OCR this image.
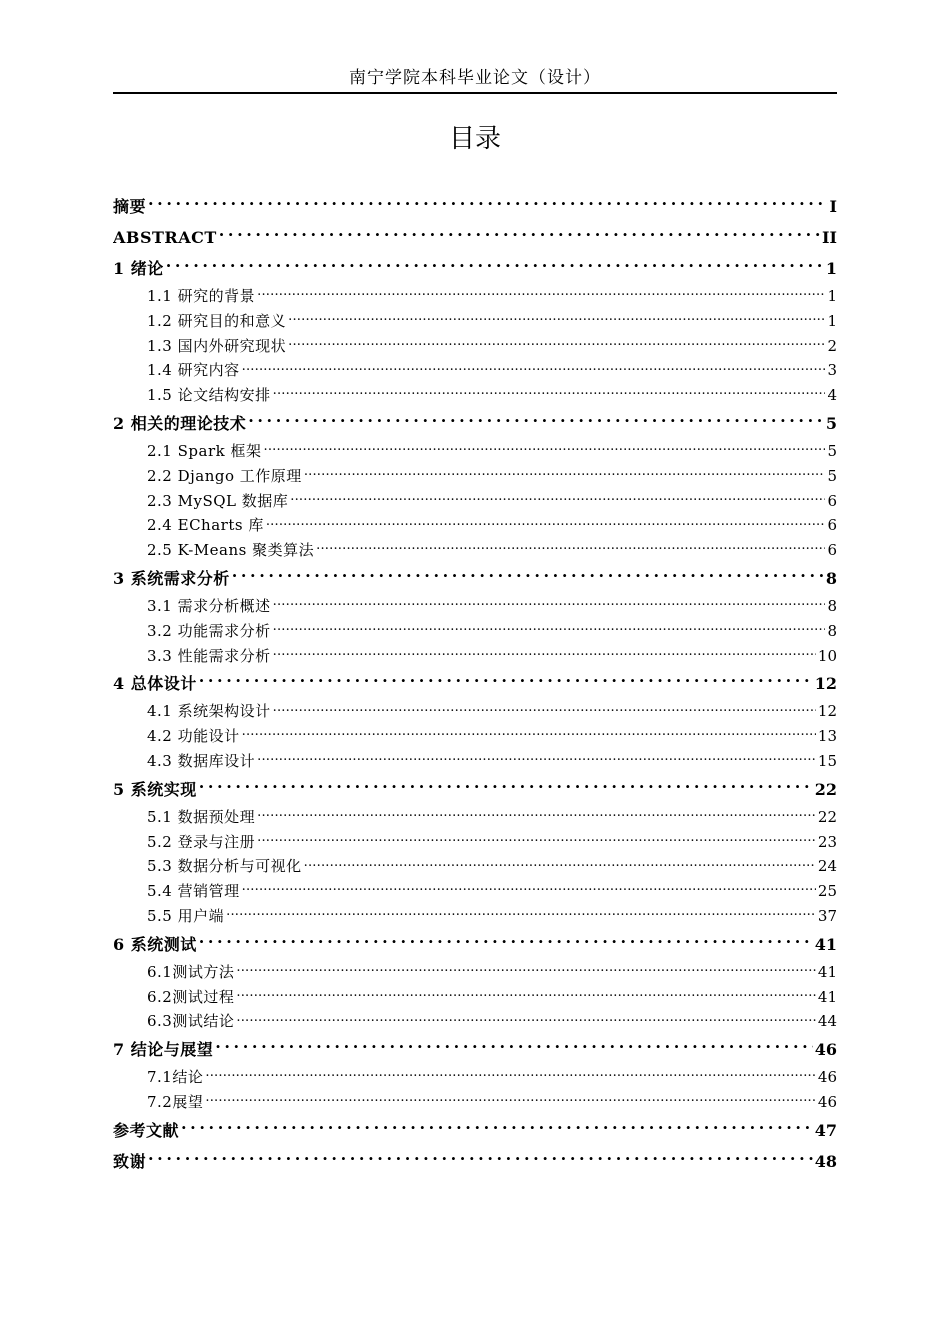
南宁学院本科毕业论文（设计）
目录
摘要 .....	I
ABSTRACT .....	II
1 绪论 .....	1
1.1 研究的背景 .....	1
1.2 研究目的和意义 .....	1
1.3 国内外研究现状 .....	2
1.4 研究内容 .....	3
1.5 论文结构安排 .....	4
2 相关的理论技术 .....	5
2.1 Spark 框架 .....	5
2.2 Django 工作原理 .....	5
2.3 MySQL 数据库 .....	6
2.4 ECharts 库 .....	6
2.5 K-Means 聚类算法 .....	6
3 系统需求分析 .....	8
3.1 需求分析概述 .....	8
3.2 功能需求分析 .....	8
3.3 性能需求分析 .....	10
4 总体设计 .....	12
4.1 系统架构设计 .....	12
4.2 功能设计 .....	13
4.3 数据库设计 .....	15
5 系统实现 .....	22
5.1 数据预处理 .....	22
5.2 登录与注册 .....	23
5.3 数据分析与可视化 .....	24
5.4 营销管理 .....	25
5.5 用户端 .....	37
6 系统测试 .....	41
6.1测试方法 .....	41
6.2测试过程 .....	41
6.3测试结论 .....	44
7 结论与展望 .....	46
7.1结论 .....	46
7.2展望 .....	46
参考文献 .....	47
致谢 .....	48
